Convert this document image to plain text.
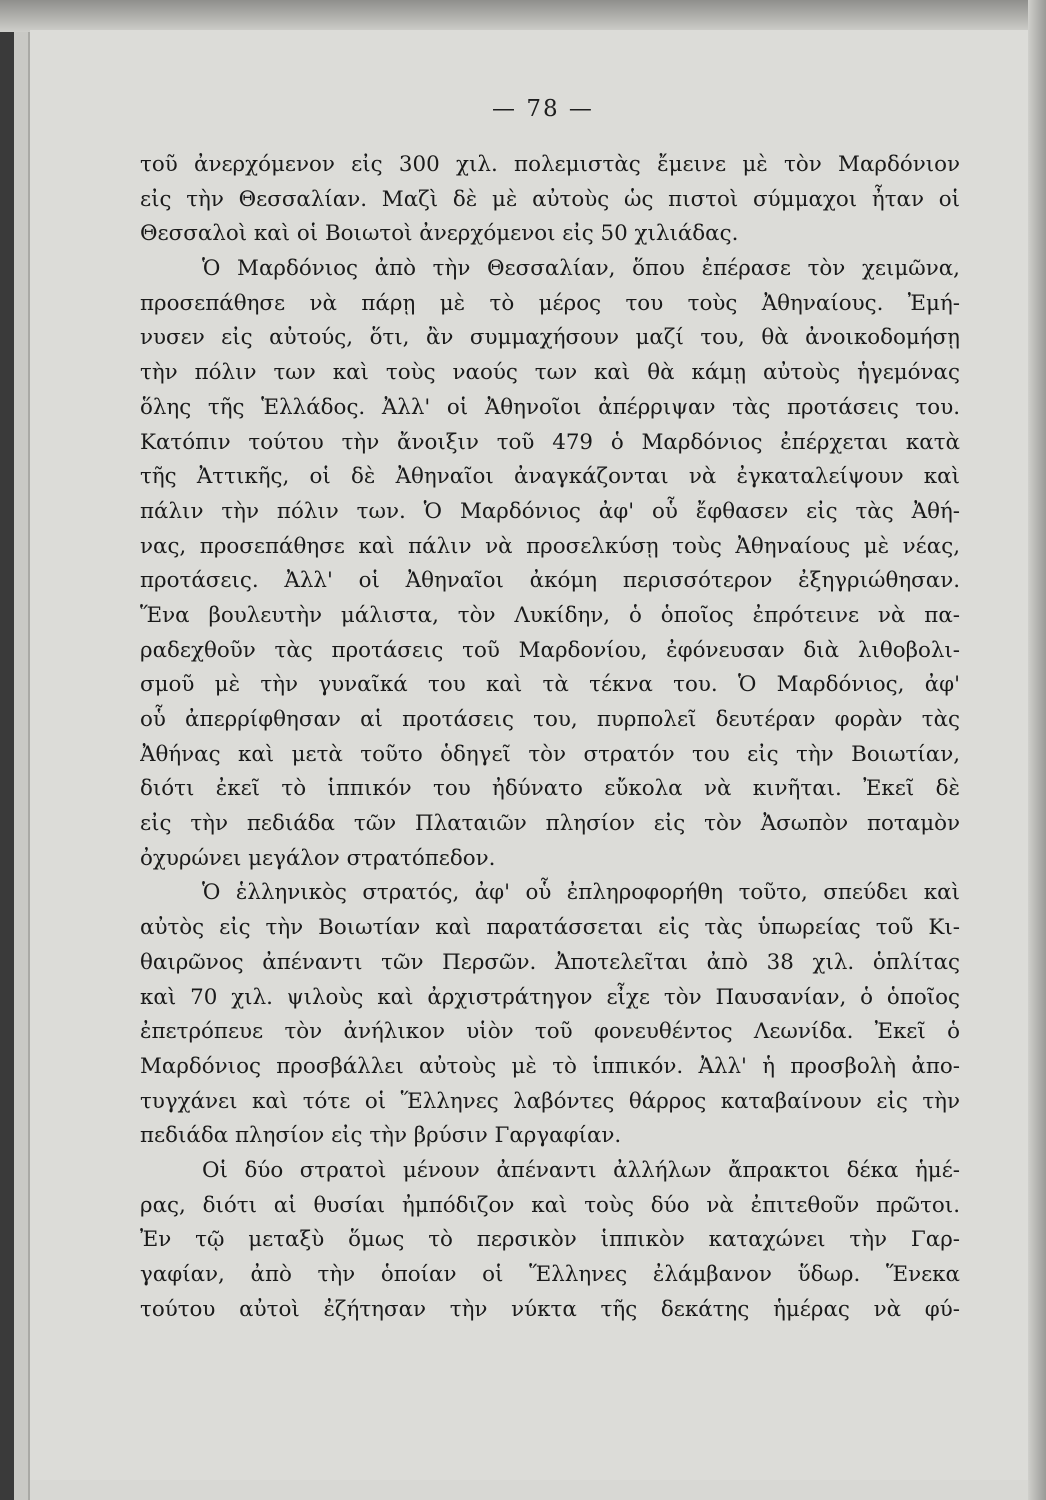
— 78 —
τοῦ ἀνερχόμενον εἰς 300 χιλ. πολεμιστὰς ἔμεινε μὲ τὸν Μαρδόνιον
εἰς τὴν Θεσσαλίαν. Μαζὶ δὲ μὲ αὐτοὺς ὡς πιστοὶ σύμμαχοι ἦταν οἱ
Θεσσαλοὶ καὶ οἱ Βοιωτοὶ ἀνερχόμενοι εἰς 50 χιλιάδας.
Ὁ Μαρδόνιος ἀπὸ τὴν Θεσσαλίαν, ὅπου ἐπέρασε τὸν χειμῶνα,
προσεπάθησε νὰ πάρῃ μὲ τὸ μέρος του τοὺς Ἀθηναίους. Ἐμή-
νυσεν εἰς αὐτούς, ὅτι, ἂν συμμαχήσουν μαζί του, θὰ ἀνοικοδομήσῃ
τὴν πόλιν των καὶ τοὺς ναούς των καὶ θὰ κάμῃ αὐτοὺς ἡγεμόνας
ὅλης τῆς Ἑλλάδος. Ἀλλ' οἱ Ἀθηνοῖοι ἀπέρριψαν τὰς προτάσεις του.
Κατόπιν τούτου τὴν ἄνοιξιν τοῦ 479 ὁ Μαρδόνιος ἐπέρχεται κατὰ
τῆς Ἀττικῆς, οἱ δὲ Ἀθηναῖοι ἀναγκάζονται νὰ ἐγκαταλείψουν καὶ
πάλιν τὴν πόλιν των. Ὁ Μαρδόνιος ἀφ' οὗ ἔφθασεν εἰς τὰς Ἀθή-
νας, προσεπάθησε καὶ πάλιν νὰ προσελκύσῃ τοὺς Ἀθηναίους μὲ νέας,
προτάσεις. Ἀλλ' οἱ Ἀθηναῖοι ἀκόμη περισσότερον ἐξηγριώθησαν.
Ἕνα βουλευτὴν μάλιστα, τὸν Λυκίδην, ὁ ὁποῖος ἐπρότεινε νὰ πα-
ραδεχθοῦν τὰς προτάσεις τοῦ Μαρδονίου, ἐφόνευσαν διὰ λιθοβολι-
σμοῦ μὲ τὴν γυναῖκά του καὶ τὰ τέκνα του. Ὁ Μαρδόνιος, ἀφ'
οὗ ἀπερρίφθησαν αἱ προτάσεις του, πυρπολεῖ δευτέραν φορὰν τὰς
Ἀθήνας καὶ μετὰ τοῦτο ὁδηγεῖ τὸν στρατόν του εἰς τὴν Βοιωτίαν,
διότι ἐκεῖ τὸ ἱππικόν του ἠδύνατο εὔκολα νὰ κινῆται. Ἐκεῖ δὲ
εἰς τὴν πεδιάδα τῶν Πλαταιῶν πλησίον εἰς τὸν Ἀσωπὸν ποταμὸν
ὀχυρώνει μεγάλον στρατόπεδον.
Ὁ ἑλληνικὸς στρατός, ἀφ' οὗ ἐπληροφορήθη τοῦτο, σπεύδει καὶ
αὐτὸς εἰς τὴν Βοιωτίαν καὶ παρατάσσεται εἰς τὰς ὑπωρείας τοῦ Κι-
θαιρῶνος ἀπέναντι τῶν Περσῶν. Ἀποτελεῖται ἀπὸ 38 χιλ. ὁπλίτας
καὶ 70 χιλ. ψιλοὺς καὶ ἀρχιστράτηγον εἶχε τὸν Παυσανίαν, ὁ ὁποῖος
ἐπετρόπευε τὸν ἀνήλικον υἱὸν τοῦ φονευθέντος Λεωνίδα. Ἐκεῖ ὁ
Μαρδόνιος προσβάλλει αὐτοὺς μὲ τὸ ἱππικόν. Ἀλλ' ἡ προσβολὴ ἀπο-
τυγχάνει καὶ τότε οἱ Ἕλληνες λαβόντες θάρρος καταβαίνουν εἰς τὴν
πεδιάδα πλησίον εἰς τὴν βρύσιν Γαργαφίαν.
Οἱ δύο στρατοὶ μένουν ἀπέναντι ἀλλήλων ἄπρακτοι δέκα ἡμέ-
ρας, διότι αἱ θυσίαι ἠμπόδιζον καὶ τοὺς δύο νὰ ἐπιτεθοῦν πρῶτοι.
Ἐν τῷ μεταξὺ ὅμως τὸ περσικὸν ἱππικὸν καταχώνει τὴν Γαρ-
γαφίαν, ἀπὸ τὴν ὁποίαν οἱ Ἕλληνες ἐλάμβανον ὕδωρ. Ἕνεκα
τούτου αὐτοὶ ἐζήτησαν τὴν νύκτα τῆς δεκάτης ἡμέρας νὰ φύ-
